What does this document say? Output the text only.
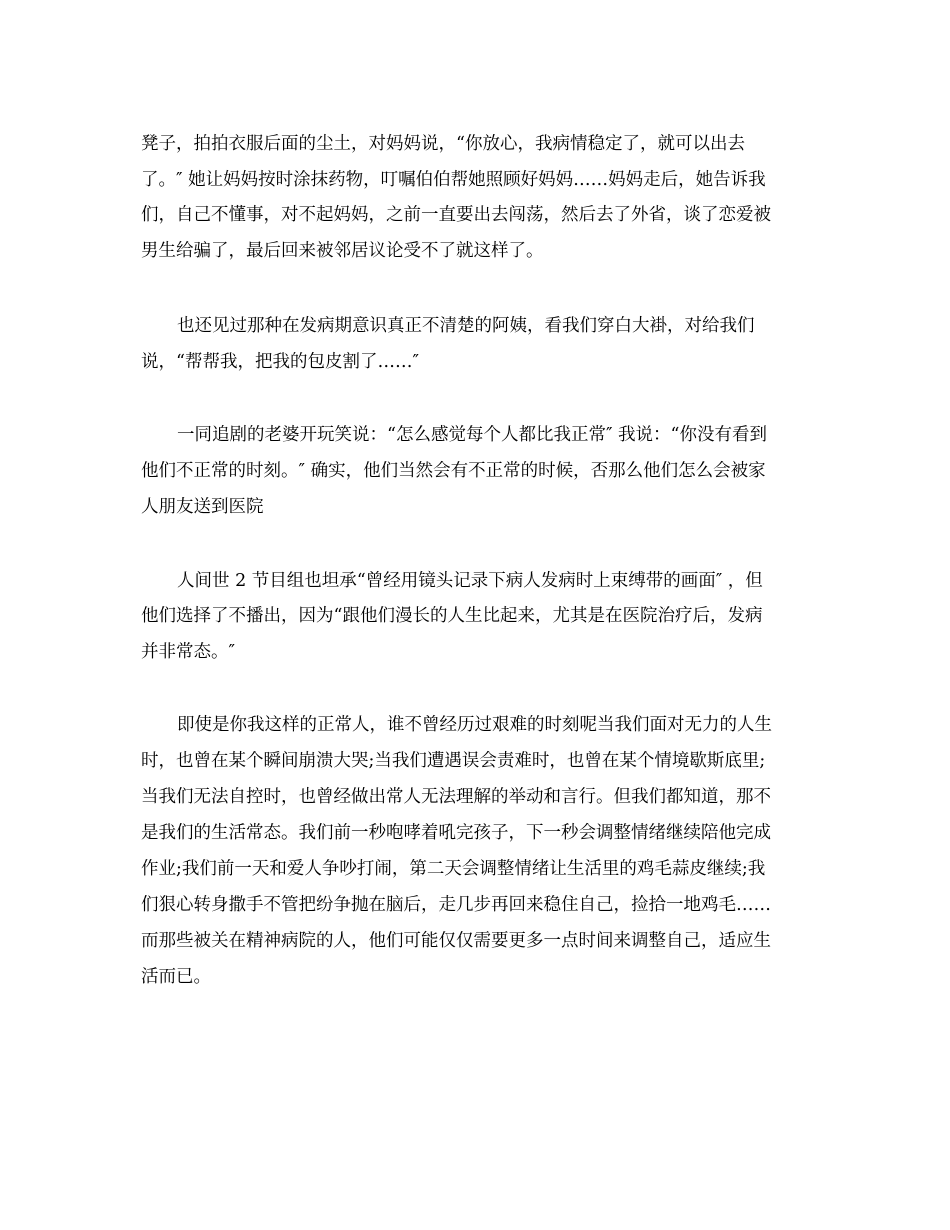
凳子，拍拍衣服后面的尘土，对妈妈说，“你放心，我病情稳定了，就可以出去
了。″ 她让妈妈按时涂抹药物，叮嘱伯伯帮她照顾好妈妈……妈妈走后，她告诉我
们，自己不懂事，对不起妈妈，之前一直要出去闯荡，然后去了外省，谈了恋爱被
男生给骗了，最后回来被邻居议论受不了就这样了。
也还见过那种在发病期意识真正不清楚的阿姨，看我们穿白大褂，对给我们
说，“帮帮我，把我的包皮割了……″
一同追剧的老婆开玩笑说：“怎么感觉每个人都比我正常″ 我说：“你没有看到
他们不正常的时刻。″ 确实，他们当然会有不正常的时候，否那么他们怎么会被家
人朋友送到医院
人间世 2 节目组也坦承“曾经用镜头记录下病人发病时上束缚带的画面″ ，但
他们选择了不播出，因为“跟他们漫长的人生比起来，尤其是在医院治疗后，发病
并非常态。″
即使是你我这样的正常人，谁不曾经历过艰难的时刻呢当我们面对无力的人生
时，也曾在某个瞬间崩溃大哭;当我们遭遇误会责难时，也曾在某个情境歇斯底里;
当我们无法自控时，也曾经做出常人无法理解的举动和言行。但我们都知道，那不
是我们的生活常态。我们前一秒咆哮着吼完孩子，下一秒会调整情绪继续陪他完成
作业;我们前一天和爱人争吵打闹，第二天会调整情绪让生活里的鸡毛蒜皮继续;我
们狠心转身撒手不管把纷争抛在脑后，走几步再回来稳住自己，捡拾一地鸡毛……
而那些被关在精神病院的人，他们可能仅仅需要更多一点时间来调整自己，适应生
活而已。
